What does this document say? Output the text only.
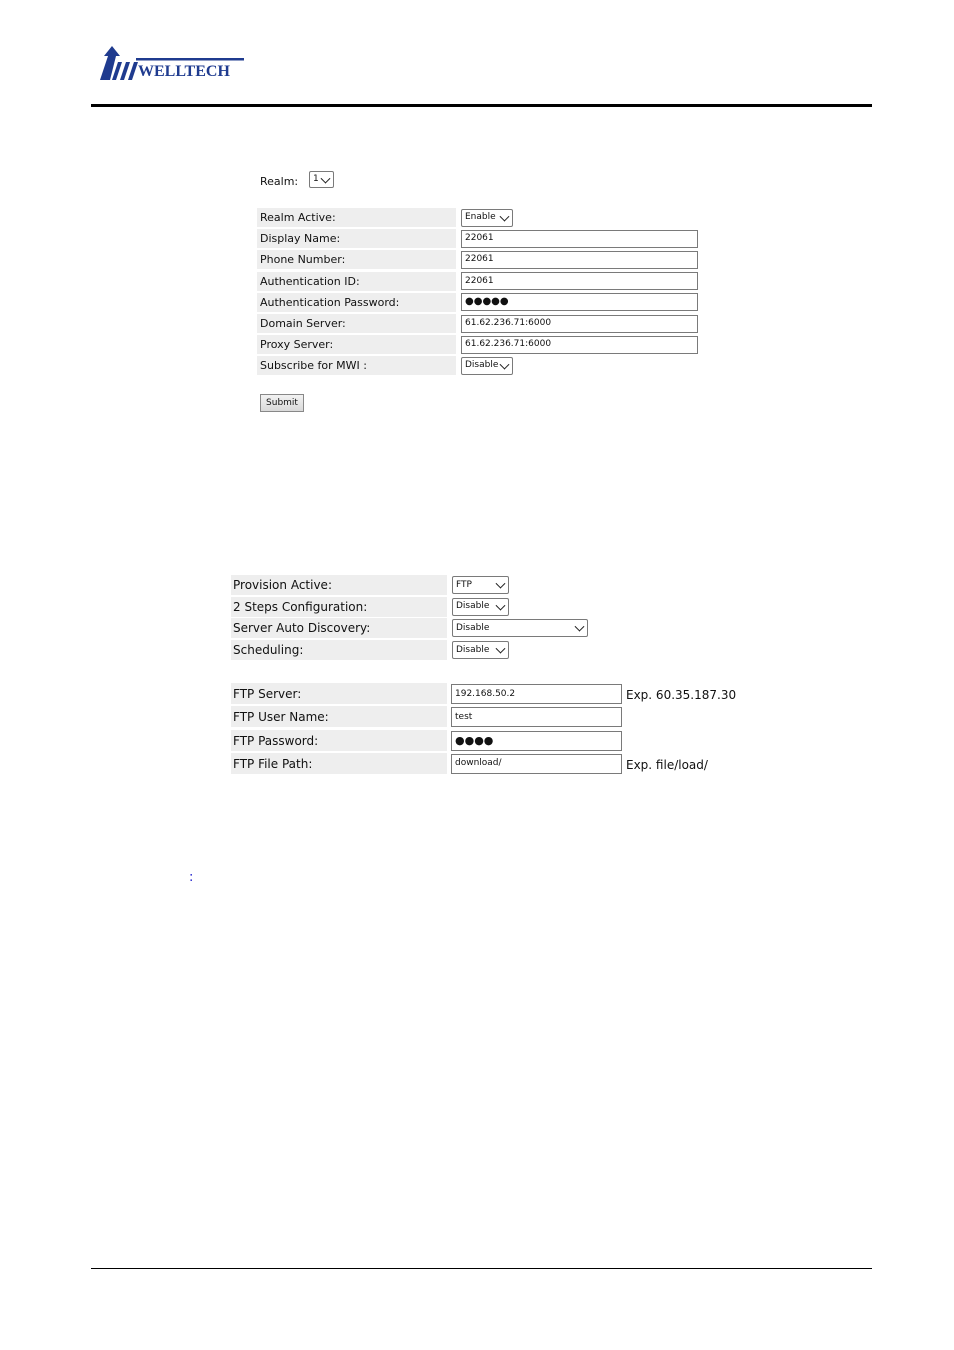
WELLTECH
Realm: 1
Realm Active:	Enable
Display Name:	22061
Phone Number:	22061
Authentication ID:	22061
Authentication Password:	●●●●●
Domain Server:	61.62.236.71:6000
Proxy Server:	61.62.236.71:6000
Subscribe for MWI :	Disable
Submit
Provision Active:	FTP
2 Steps Configuration:	Disable
Server Auto Discovery:	Disable
Scheduling:	Disable
FTP Server:	192.168.50.2	Exp. 60.35.187.30
FTP User Name:	test
FTP Password:	●●●●
FTP File Path:	download/	Exp. file/load/
:
